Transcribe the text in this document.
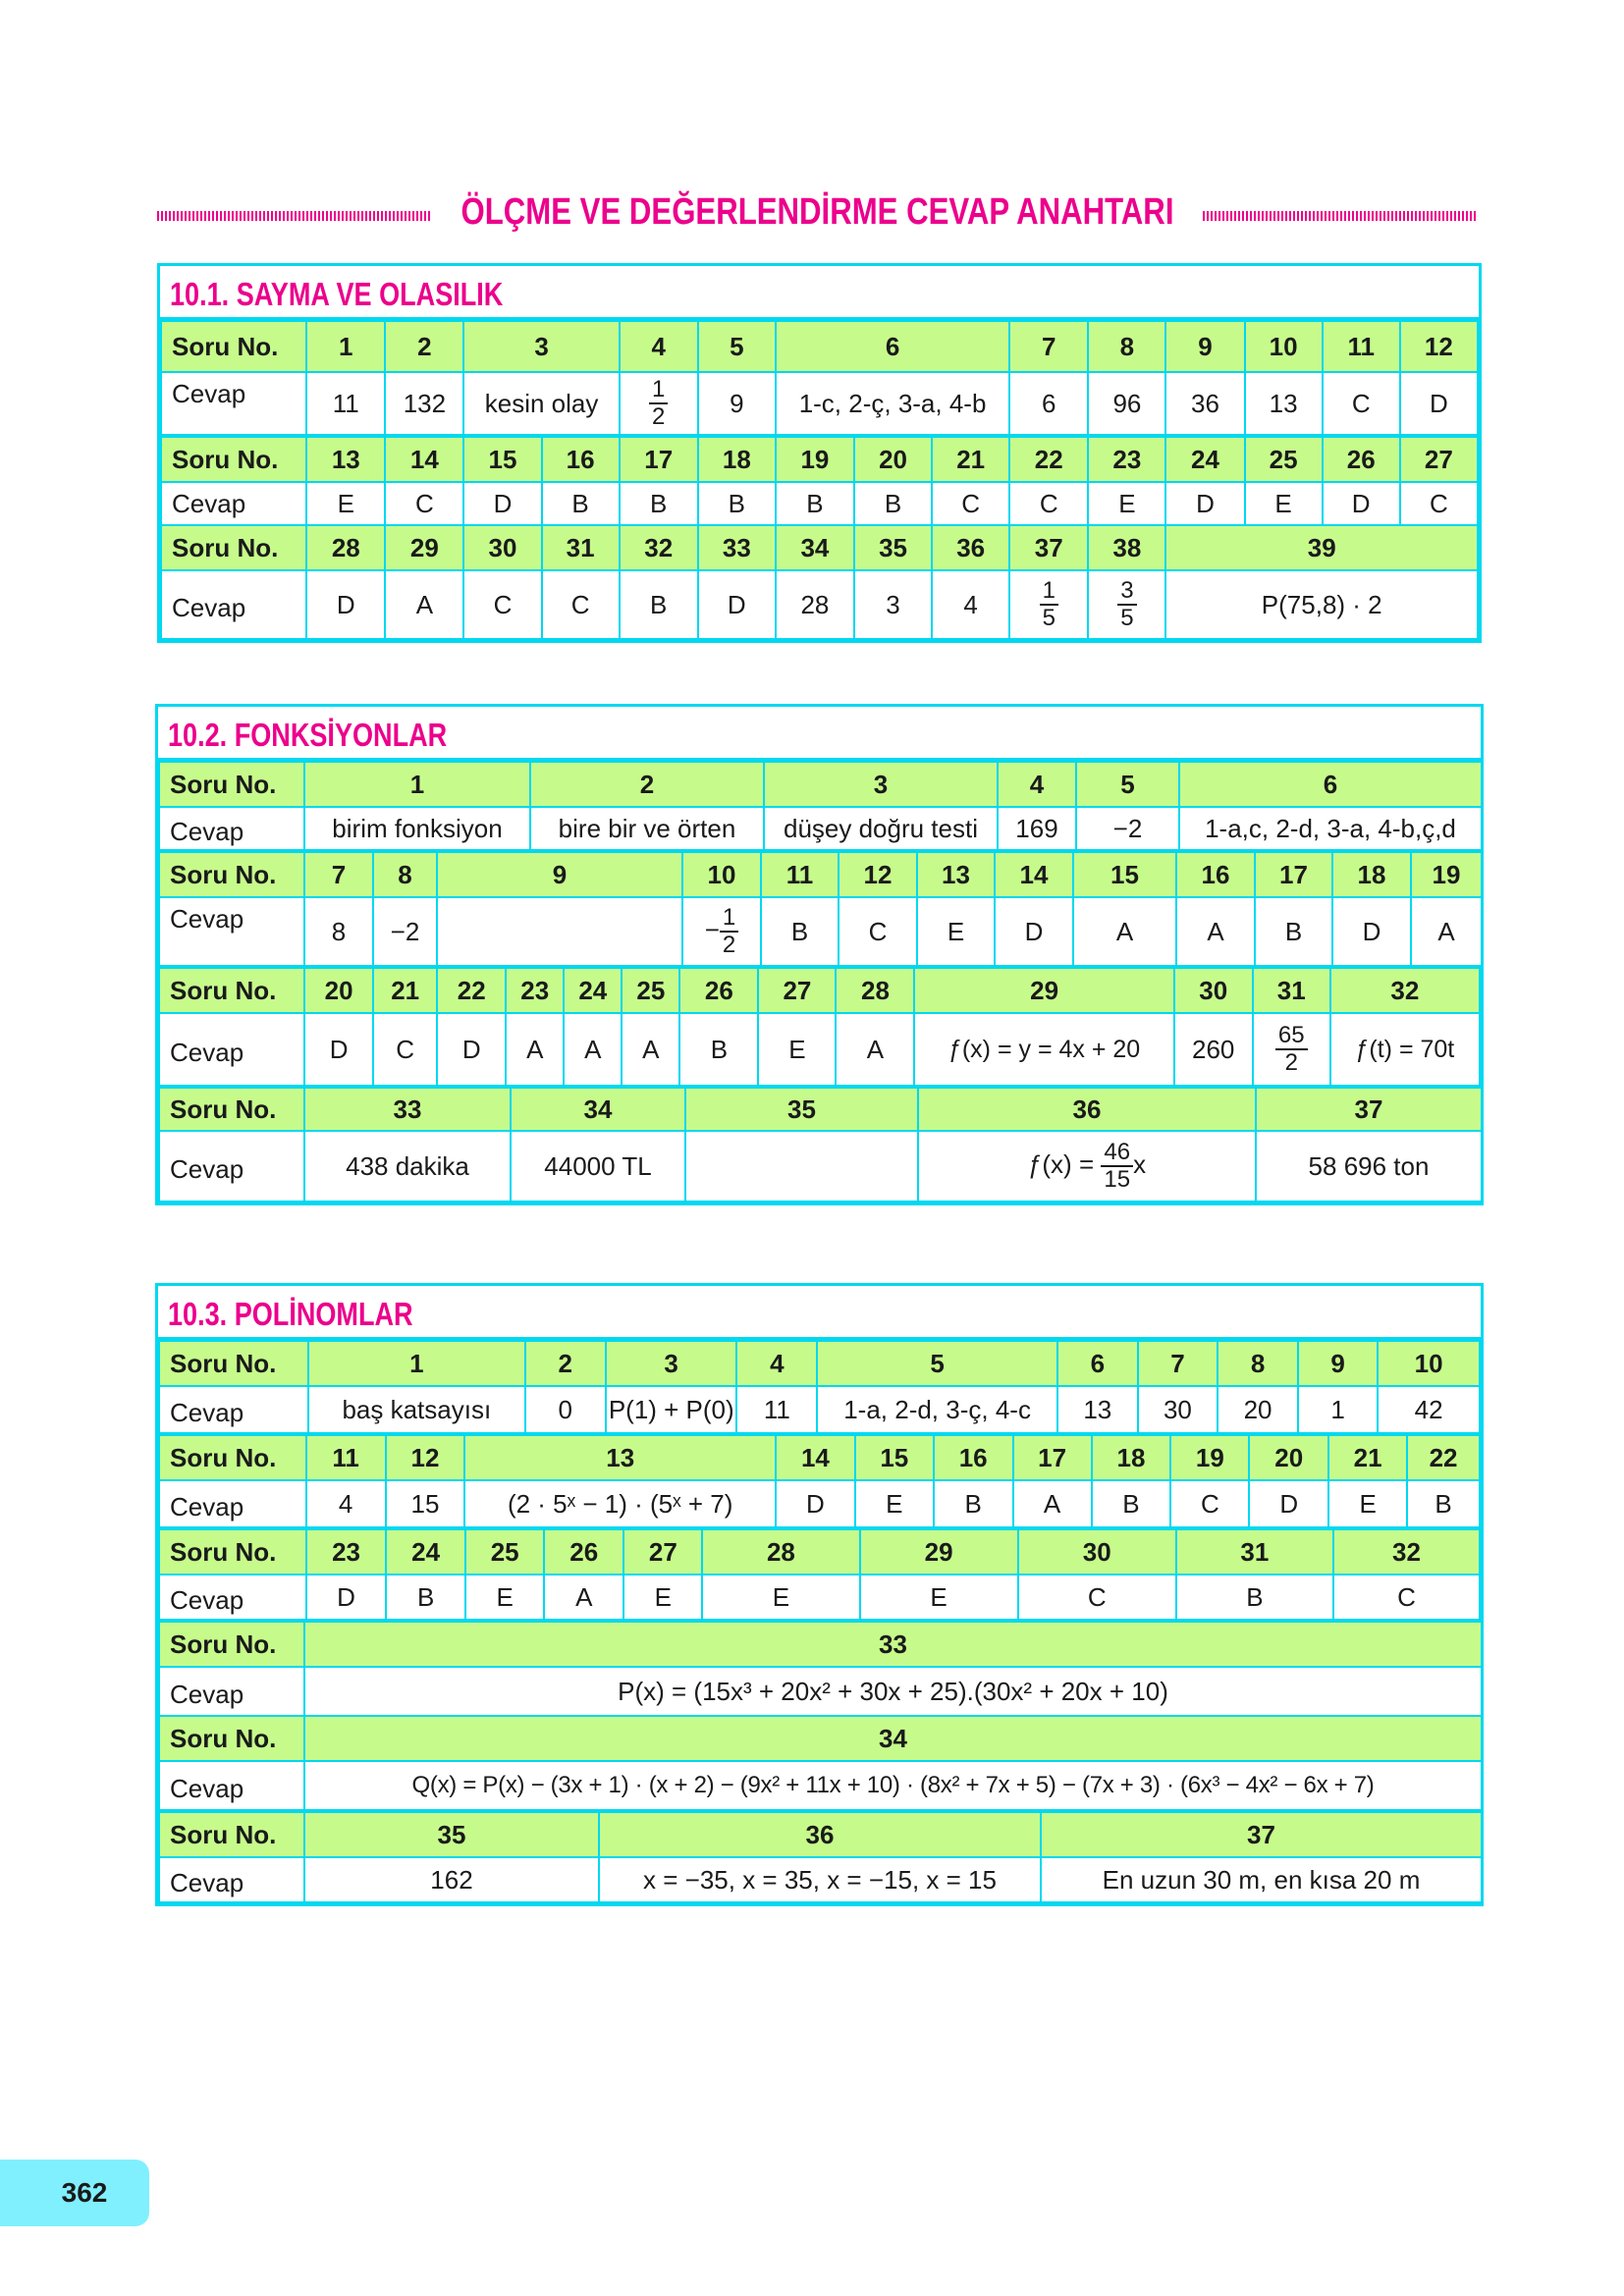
ÖLÇME VE DEĞERLENDİRME CEVAP ANAHTARI
10.1. SAYMA VE OLASILIK
Soru No.	1	2	3	4	5	6	7	8	9	10	11	12
Cevap	11	132	kesin olay	$\frac{1}{2}$	9	1-c, 2-ç, 3-a, 4-b	6	96	36	13	C	D
Soru No.	13	14	15	16	17	18	19	20	21	22	23	24	25	26	27
Cevap	E	C	D	B	B	B	B	B	C	C	E	D	E	D	C
Soru No.	28	29	30	31	32	33	34	35	36	37	38	39			
Cevap	D	A	C	C	B	D	28	3	4	$\frac{1}{5}$	$\frac{3}{5}$	P(75,8) · 2			
10.2. FONKSİYONLAR
Soru No.	1	2	3	4	5	6
Cevap	birim fonksiyon	bire bir ve örten	düşey doğru testi	169	−2	1-a,c, 2-d, 3-a, 4-b,ç,d
Soru No.	7	8	9	10	11	12	13	14	15	16	17	18	19
Cevap	8	−2		− $\frac{1}{2}$	B	C	E	D	A	A	B	D	A
Soru No.	20	21	22	23	24	25	26	27	28	29	30	31	32
Cevap	D	C	D	A	A	A	B	E	A	ƒ(x) = y = 4x + 20	260	$\frac{65}{2}$	ƒ(t) = 70t
Soru No.	33	34	35	36	37
Cevap	438 dakika	44000 TL		ƒ(x) = $\frac{46}{15}$ x	58 696 ton
10.3. POLİNOMLAR
Soru No.	1	2	3	4	5	6	7	8	9	10
Cevap	baş katsayısı	0	P(1) + P(0)	11	1-a, 2-d, 3-ç, 4-c	13	30	20	1	42
Soru No.	11	12	13	14	15	16	17	18	19	20	21	22
Cevap	4	15	(2 · 5ˣ − 1) · (5ˣ + 7)	D	E	B	A	B	C	D	E	B
Soru No.	23	24	25	26	27	28	29	30	31	32
Cevap	D	B	E	A	E	E	E	C	B	C
Soru No.	33
Cevap	P(x) = (15x³ + 20x² + 30x + 25).(30x² + 20x + 10)
Soru No.	34
Cevap	Q(x) = P(x) − (3x + 1) · (x + 2) − (9x² + 11x + 10) · (8x² + 7x + 5) − (7x + 3) · (6x³ − 4x² − 6x + 7)
Soru No.	35	36	37
Cevap	162	x = −35, x = 35, x = −15, x = 15	En uzun 30 m, en kısa 20 m
362
